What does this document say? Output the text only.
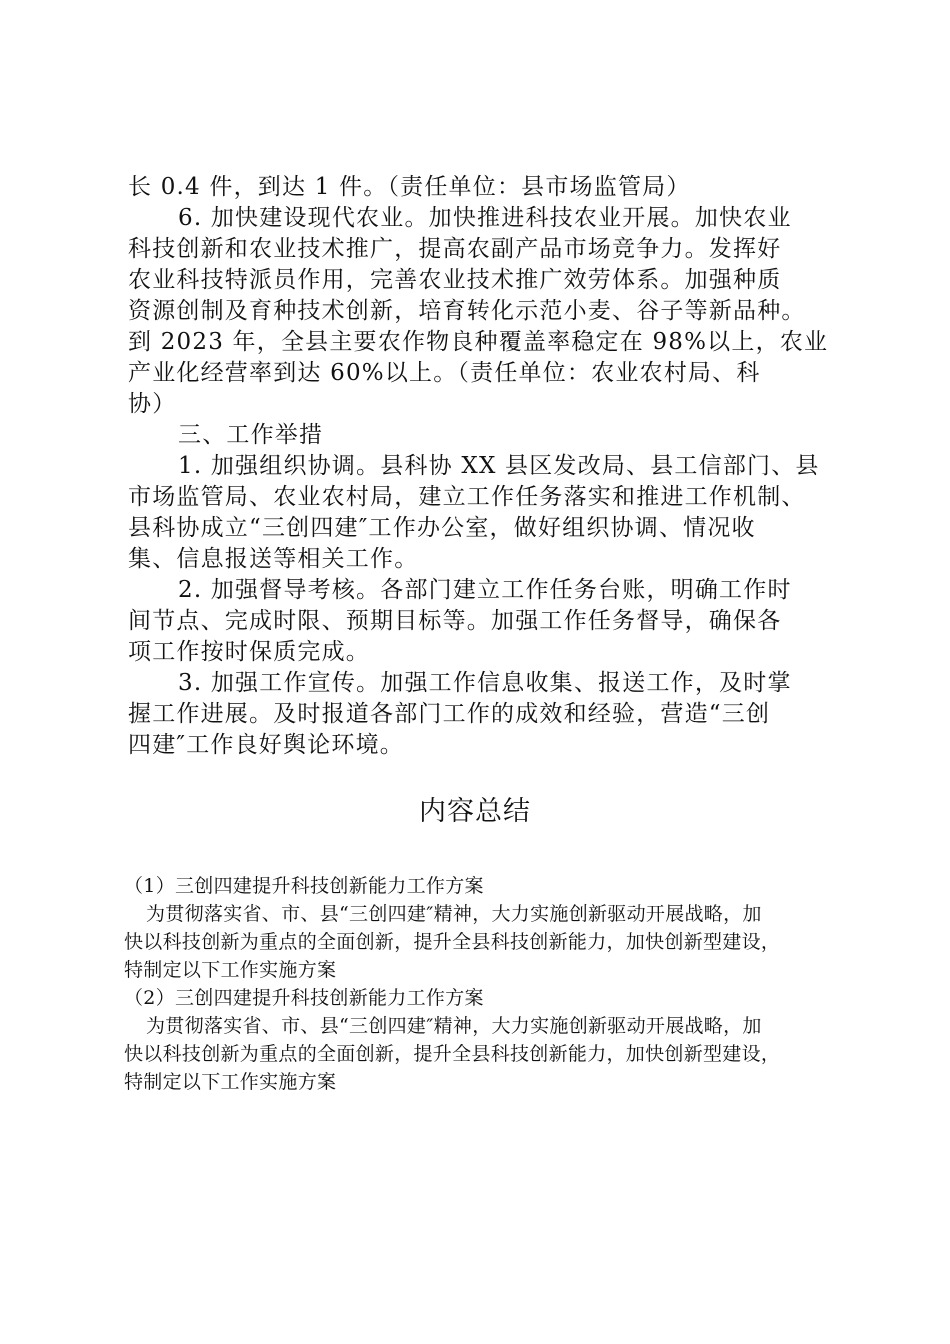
长 0.4 件，到达 1 件。（责任单位：县市场监管局）
6. 加快建设现代农业。加快推进科技农业开展。加快农业
科技创新和农业技术推广，提高农副产品市场竞争力。发挥好
农业科技特派员作用，完善农业技术推广效劳体系。加强种质
资源创制及育种技术创新，培育转化示范小麦、谷子等新品种。
到 2023 年，全县主要农作物良种覆盖率稳定在 98%以上，农业
产业化经营率到达 60%以上。（责任单位：农业农村局、科
协）
三、工作举措
1. 加强组织协调。县科协 XX 县区发改局、县工信部门、县
市场监管局、农业农村局，建立工作任务落实和推进工作机制、
县科协成立“三创四建″工作办公室，做好组织协调、情况收
集、信息报送等相关工作。
2. 加强督导考核。各部门建立工作任务台账，明确工作时
间节点、完成时限、预期目标等。加强工作任务督导，确保各
项工作按时保质完成。
3. 加强工作宣传。加强工作信息收集、报送工作，及时掌
握工作进展。及时报道各部门工作的成效和经验，营造“三创
四建″工作良好舆论环境。
内容总结
（1）三创四建提升科技创新能力工作方案
为贯彻落实省、市、县“三创四建″精神，大力实施创新驱动开展战略，加
快以科技创新为重点的全面创新，提升全县科技创新能力，加快创新型建设，
特制定以下工作实施方案
（2）三创四建提升科技创新能力工作方案
为贯彻落实省、市、县“三创四建″精神，大力实施创新驱动开展战略，加
快以科技创新为重点的全面创新，提升全县科技创新能力，加快创新型建设，
特制定以下工作实施方案
